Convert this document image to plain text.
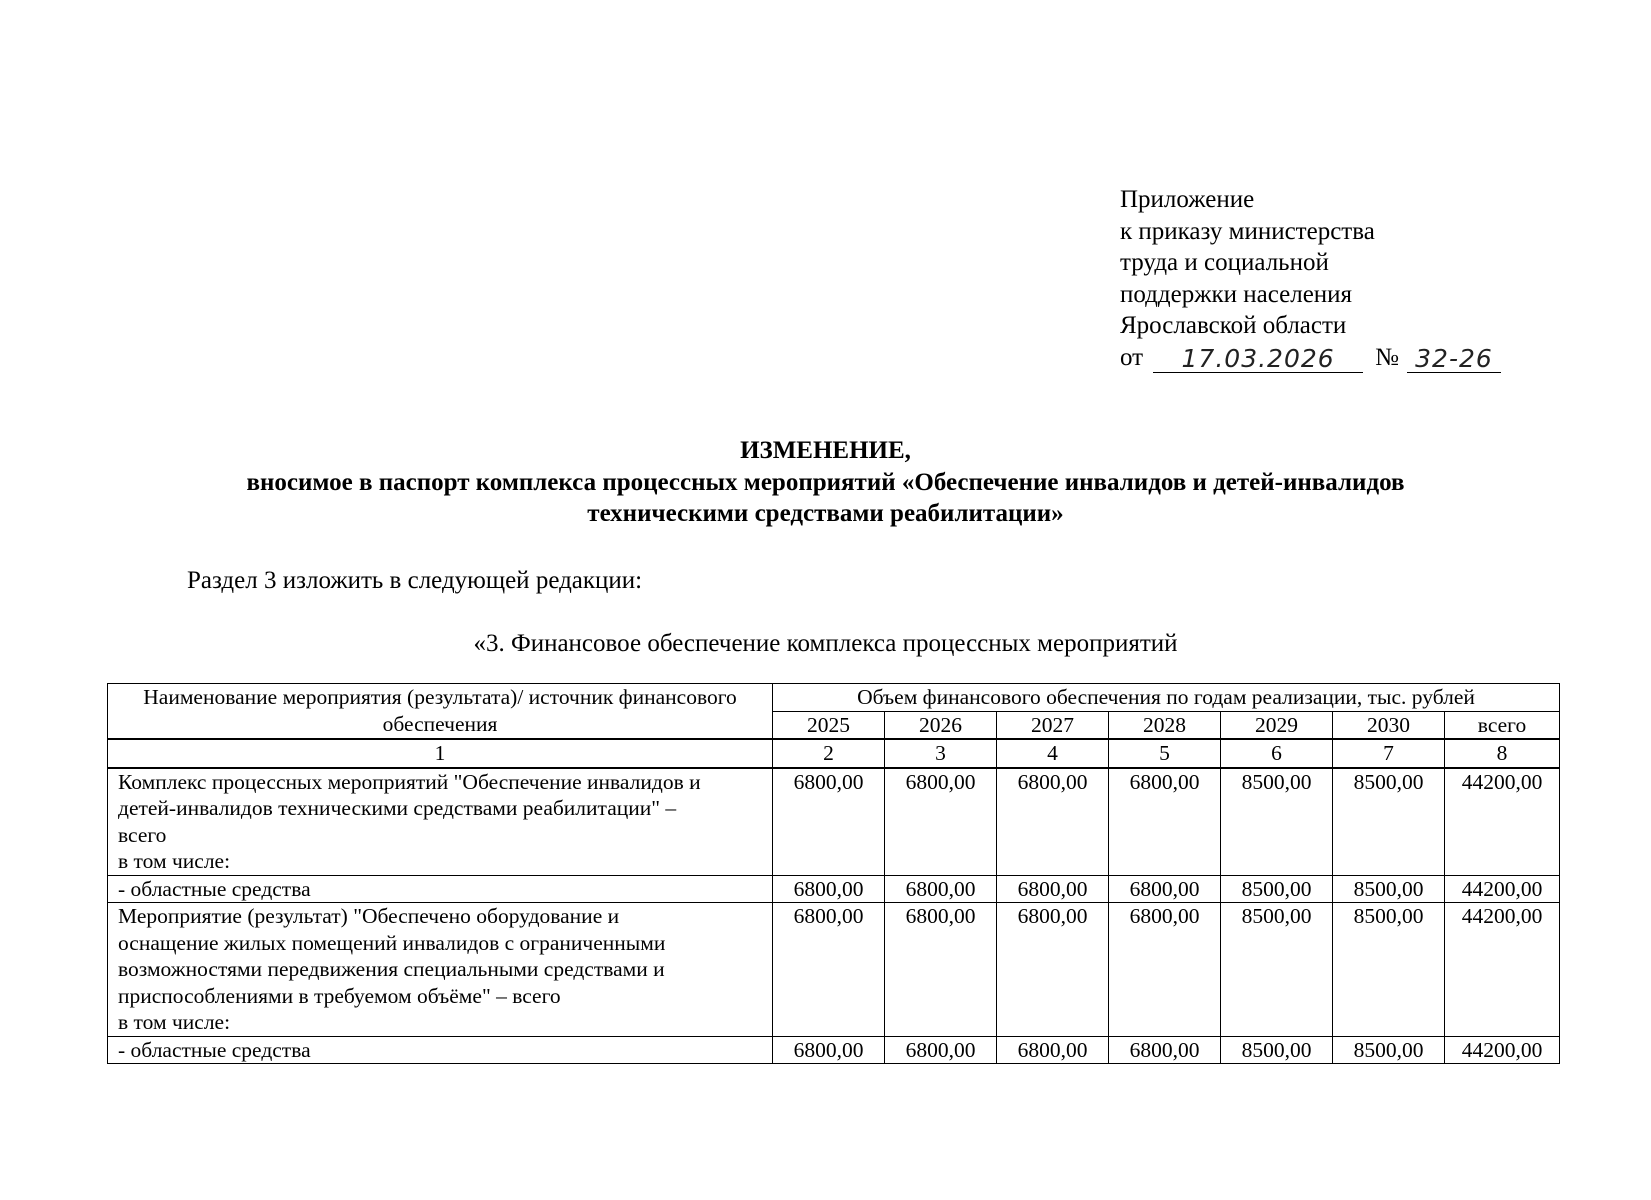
Приложение
к приказу министерства
труда и социальной
поддержки населения
Ярославской области
от	17.03.2026	№ 32-26
ИЗМЕНЕНИЕ,
вносимое в паспорт комплекса процессных мероприятий «Обеспечение инвалидов и детей-инвалидов
техническими средствами реабилитации»
Раздел 3 изложить в следующей редакции:
«3. Финансовое обеспечение комплекса процессных мероприятий
Наименование мероприятия (результата)/ источник финансового обеспечения	Объем финансового обеспечения по годам реализации, тыс. рублей						
	2025	2026	2027	2028	2029	2030	всего
1	2	3	4	5	6	7	8

Комплекс процессных мероприятий "Обеспечение инвалидов и
детей-инвалидов техническими средствами реабилитации" –
всего
в том числе:	6800,00	6800,00	6800,00	6800,00	8500,00	8500,00	44200,00

- областные средства	6800,00	6800,00	6800,00	6800,00	8500,00	8500,00	44200,00

Мероприятие (результат) "Обеспечено оборудование и
оснащение жилых помещений инвалидов с ограниченными
возможностями передвижения специальными средствами и
приспособлениями в требуемом объёме" – всего
в том числе:	6800,00	6800,00	6800,00	6800,00	8500,00	8500,00	44200,00

- областные средства	6800,00	6800,00	6800,00	6800,00	8500,00	8500,00	44200,00
